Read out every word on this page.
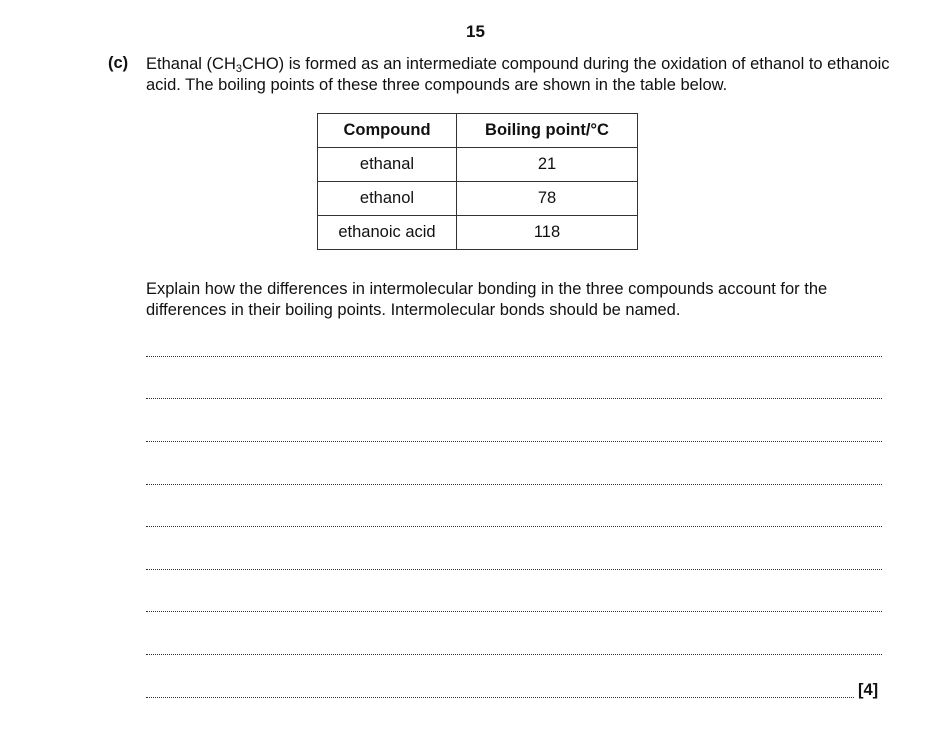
15
(c) Ethanal $(CH_3CHO)$ is formed as an intermediate compound during the oxidation of ethanol to ethanoic acid. The boiling points of these three compounds are shown in the table below.
Compound	Boiling point/°C
ethanal	21
ethanol	78
ethanoic acid	118
Explain how the differences in intermolecular bonding in the three compounds account for the differences in their boiling points. Intermolecular bonds should be named.
[4]
